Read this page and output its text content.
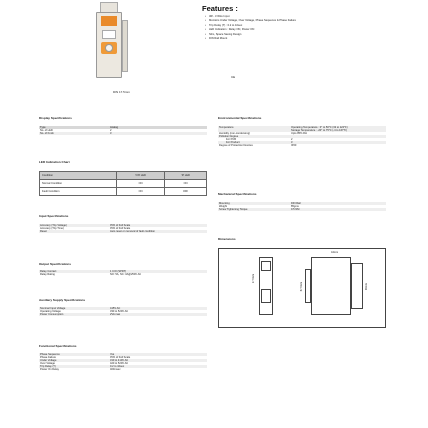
DIN 17.5mm
Features :
• 3Ø - 3 Wire Input
• Monitors Under Voltage, Over Voltage, Phase Sequence & Phase Failure
• Trip Delay (T) : 0.2 to 10sec
• LED Indication : Relay ON, Power ON
• Slim, Space Saving Design
• DIN Rail Mount
CE
Display Specifications
Type	Analog
No. of LED	2
No. of Knob	3
LED Indication Chart
Condition	'ON' LED	'R' LED
Normal Condition	ON	ON
Fault Condition	ON	OFF
Input Specifications
Accuracy (Trip Voltage)	±5% of Full Scale
Accuracy (Trip Time)	±5% of Full Scale
Reset	Auto reset on removal of fault condition
Output Specifications
Relay Contact	1 C/O (SPDT)
Relay Rating	NO: 5A, NC: 3A@250V AC
Auxiliary Supply Specifications
Nominal Input Voltage	415V AC
Operating Voltage	330 to 520V AC
Power Consumption	2VA max
Functional Specifications
Phase Sequence	Yes
Phase Failure	±5% of Full Scale
Under Voltage	310 to 410V AC
Over Voltage	420 to 520V AC
Trip Delay (T)	0.2 to 10sec
Power On Delay	400msec
Environmental Specifications
Temperature	Operating Temperature : 0° to 50°C (32 to 122°F)
Storage Temperature : -20° to 75°C (-4 to 167°F)
Humidity (non-condensing)	Upto 85% RH
Pollution Degree	
For PCB	2
For Product	3
Degree of Protection Devices	IP20
Mechanical Specifications
Mounting	DIN Rail
Weight	85gms
Screw Tightening Torque	0.5 NM
Dimensions
17.5mm
44mm
67.5mm	90mm
